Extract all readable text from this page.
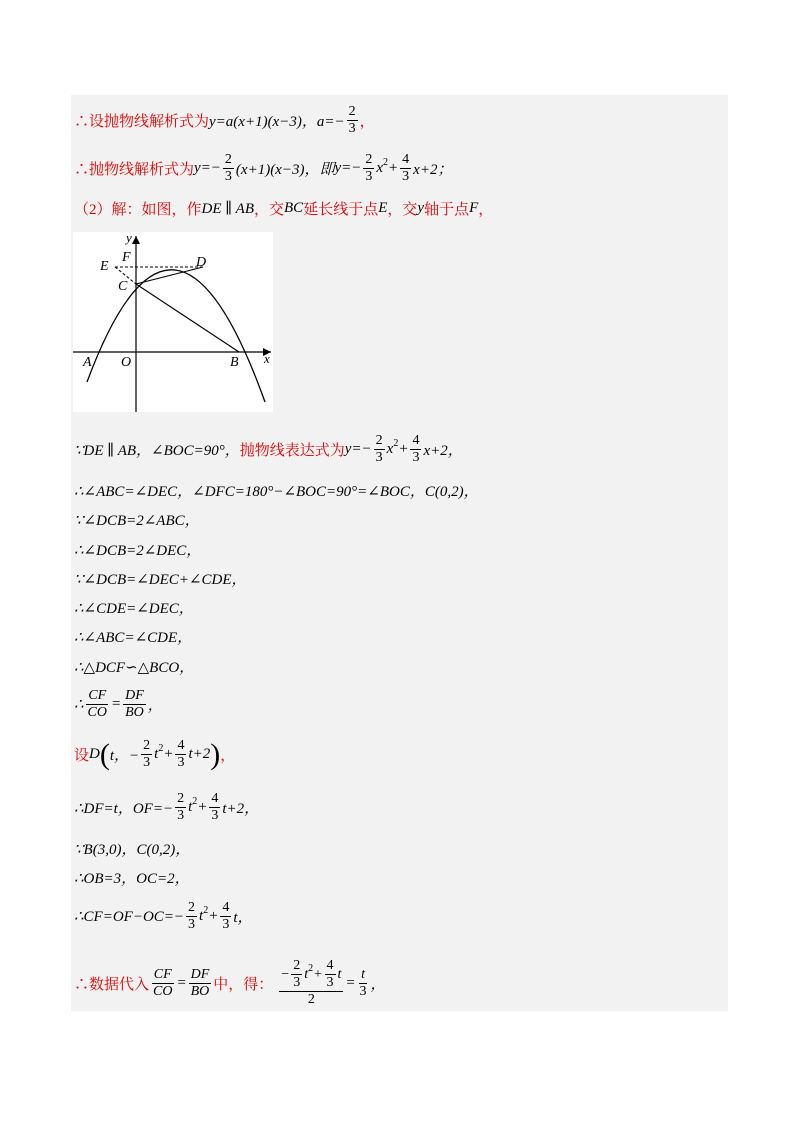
∴设抛物线解析式为 y=a(x+1)(x−3)，$a=- \frac{2}{3}$ ，
∴抛物线解析式为 $y=- \frac{2}{3} (x+1)(x-3)$，即 $y=- \frac{2}{3}$ x $2 + \frac{4}{3} x+2$；
（2）解：如图，作 DE ∥ AB ，交 BC 延长线于点 E ，交 y 轴于点 F ，
y
x
E
F	D
C
A O	B
∵DE ∥ AB，∠BOC=90°， 抛物线表达式为 $y=- \frac{2}{3}$ x $2 + \frac{4}{3} x+2$，
∴∠ABC=∠DEC，∠DFC=180°−∠BOC=90°=∠BOC，C(0,2)，
∵∠DCB=2∠ABC，
∴∠DCB=2∠DEC，
∵∠DCB=∠DEC+∠CDE，
∴∠CDE=∠DEC，
∴∠ABC=∠CDE，
∴△DCF∽△BCO，
∴ $\frac{CF}{CO} = \frac{DF}{BO}$ ，
设 D ( t，− $\frac{2}{3}$ t $2 + \frac{4}{3} t+2$ ) ，
∴DF=t，$OF=- \frac{2}{3}$ t $2 + \frac{4}{3} t+2$，
∵B(3,0)，C(0,2)，
∴OB=3，OC=2，
∴CF=OF−OC=− $\frac{2}{3}$ t $2 + \frac{4}{3}$ t，
∴数据代入 $\frac{CF}{CO} = \frac{DF}{BO}$ 中，得： $\frac{- \frac{2}{3} t 2 + \frac{4}{3} t}{2} = \frac{t}{3}$ ，
